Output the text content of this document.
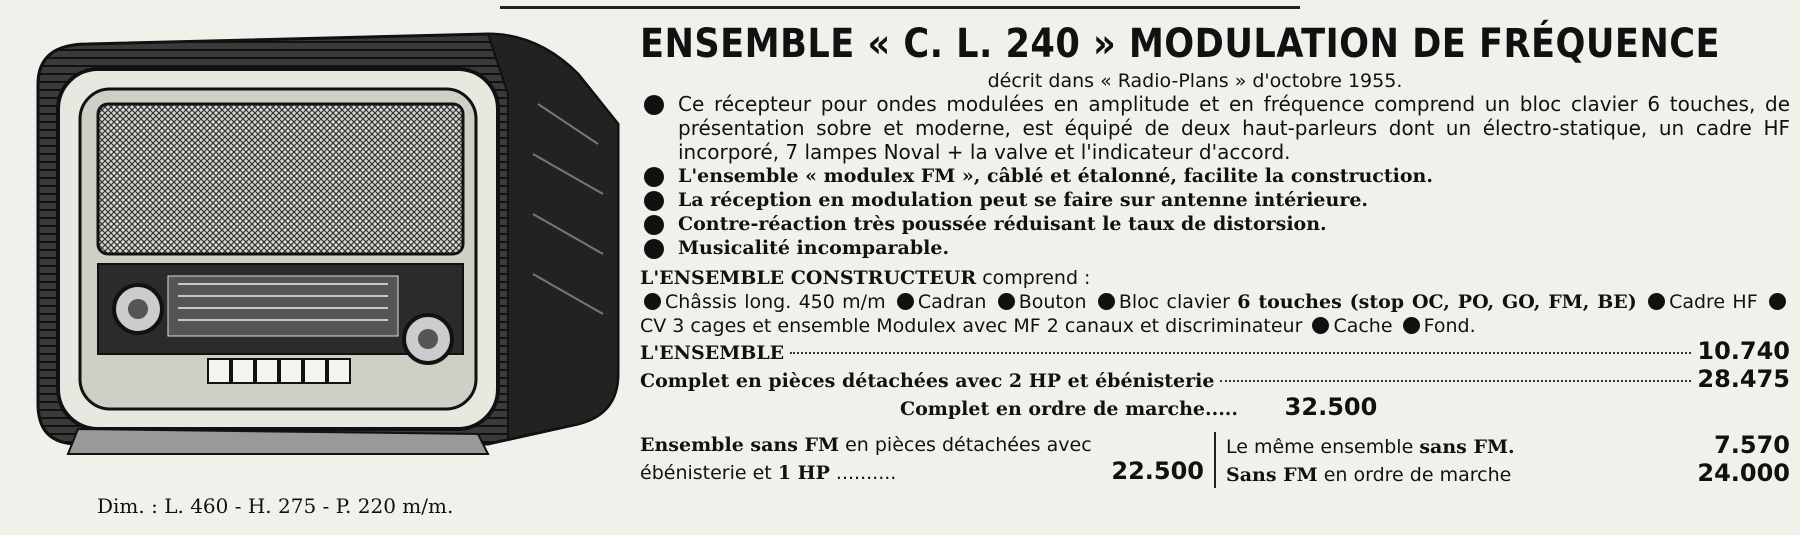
Dim. : L. 460 - H. 275 - P. 220 m/m.
ENSEMBLE « C. L. 240 » MODULATION DE FRÉQUENCE
décrit dans « Radio-Plans » d'octobre 1955.
Ce récepteur pour ondes modulées en amplitude et en fréquence comprend un bloc clavier 6 touches, de présentation sobre et moderne, est équipé de deux haut-parleurs dont un électro-statique, un cadre HF incorporé, 7 lampes Noval + la valve et l'indicateur d'accord.
L'ensemble « modulex FM », câblé et étalonné, facilite la construction.
La réception en modulation peut se faire sur antenne intérieure.
Contre-réaction très poussée réduisant le taux de distorsion.
Musicalité incomparable.
L'ENSEMBLE CONSTRUCTEUR comprend :
Châssis long. 450 m/m Cadran Bouton Bloc clavier 6 touches (stop OC, PO, GO, FM, BE) Cadre HF CV 3 cages et ensemble Modulex avec MF 2 canaux et discriminateur Cache Fond.
L'ENSEMBLE	10.740
Complet en pièces détachées avec 2 HP et ébénisterie	28.475
Complet en ordre de marche..... 32.500
Ensemble sans FM en pièces détachées avec
ébénisterie et 1 HP ..........	22.500
Le même ensemble sans FM.	7.570
Sans FM en ordre de marche	24.000
